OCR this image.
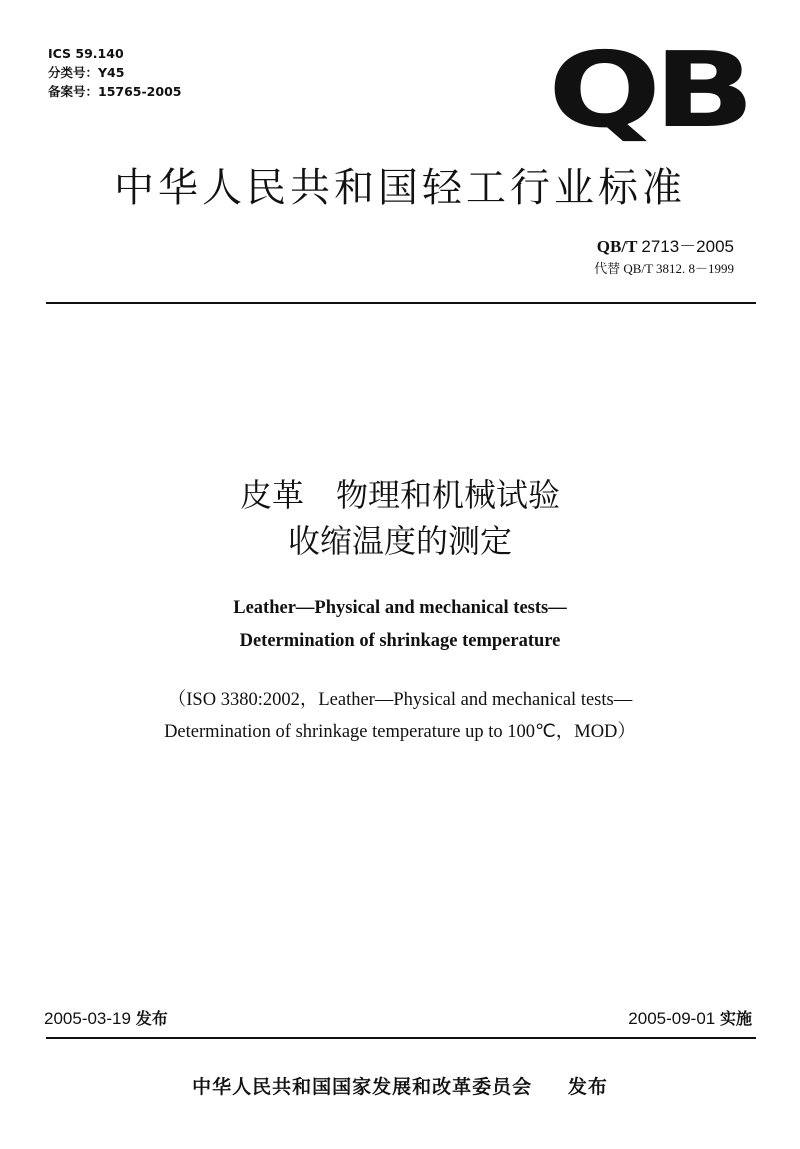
ICS 59.140
分类号：Y45
备案号：15765-2005	QB
中华人民共和国轻工行业标准
QB/T 2713－2005
代替 QB/T 3812. 8－1999
皮革　物理和机械试验
收缩温度的测定
Leather—Physical and mechanical tests—
Determination of shrinkage temperature
（ISO 3380:2002，Leather—Physical and mechanical tests—
Determination of shrinkage temperature up to 100℃，MOD）
2005-03-19 发布	2005-09-01 实施
中华人民共和国国家发展和改革委员会 发布
